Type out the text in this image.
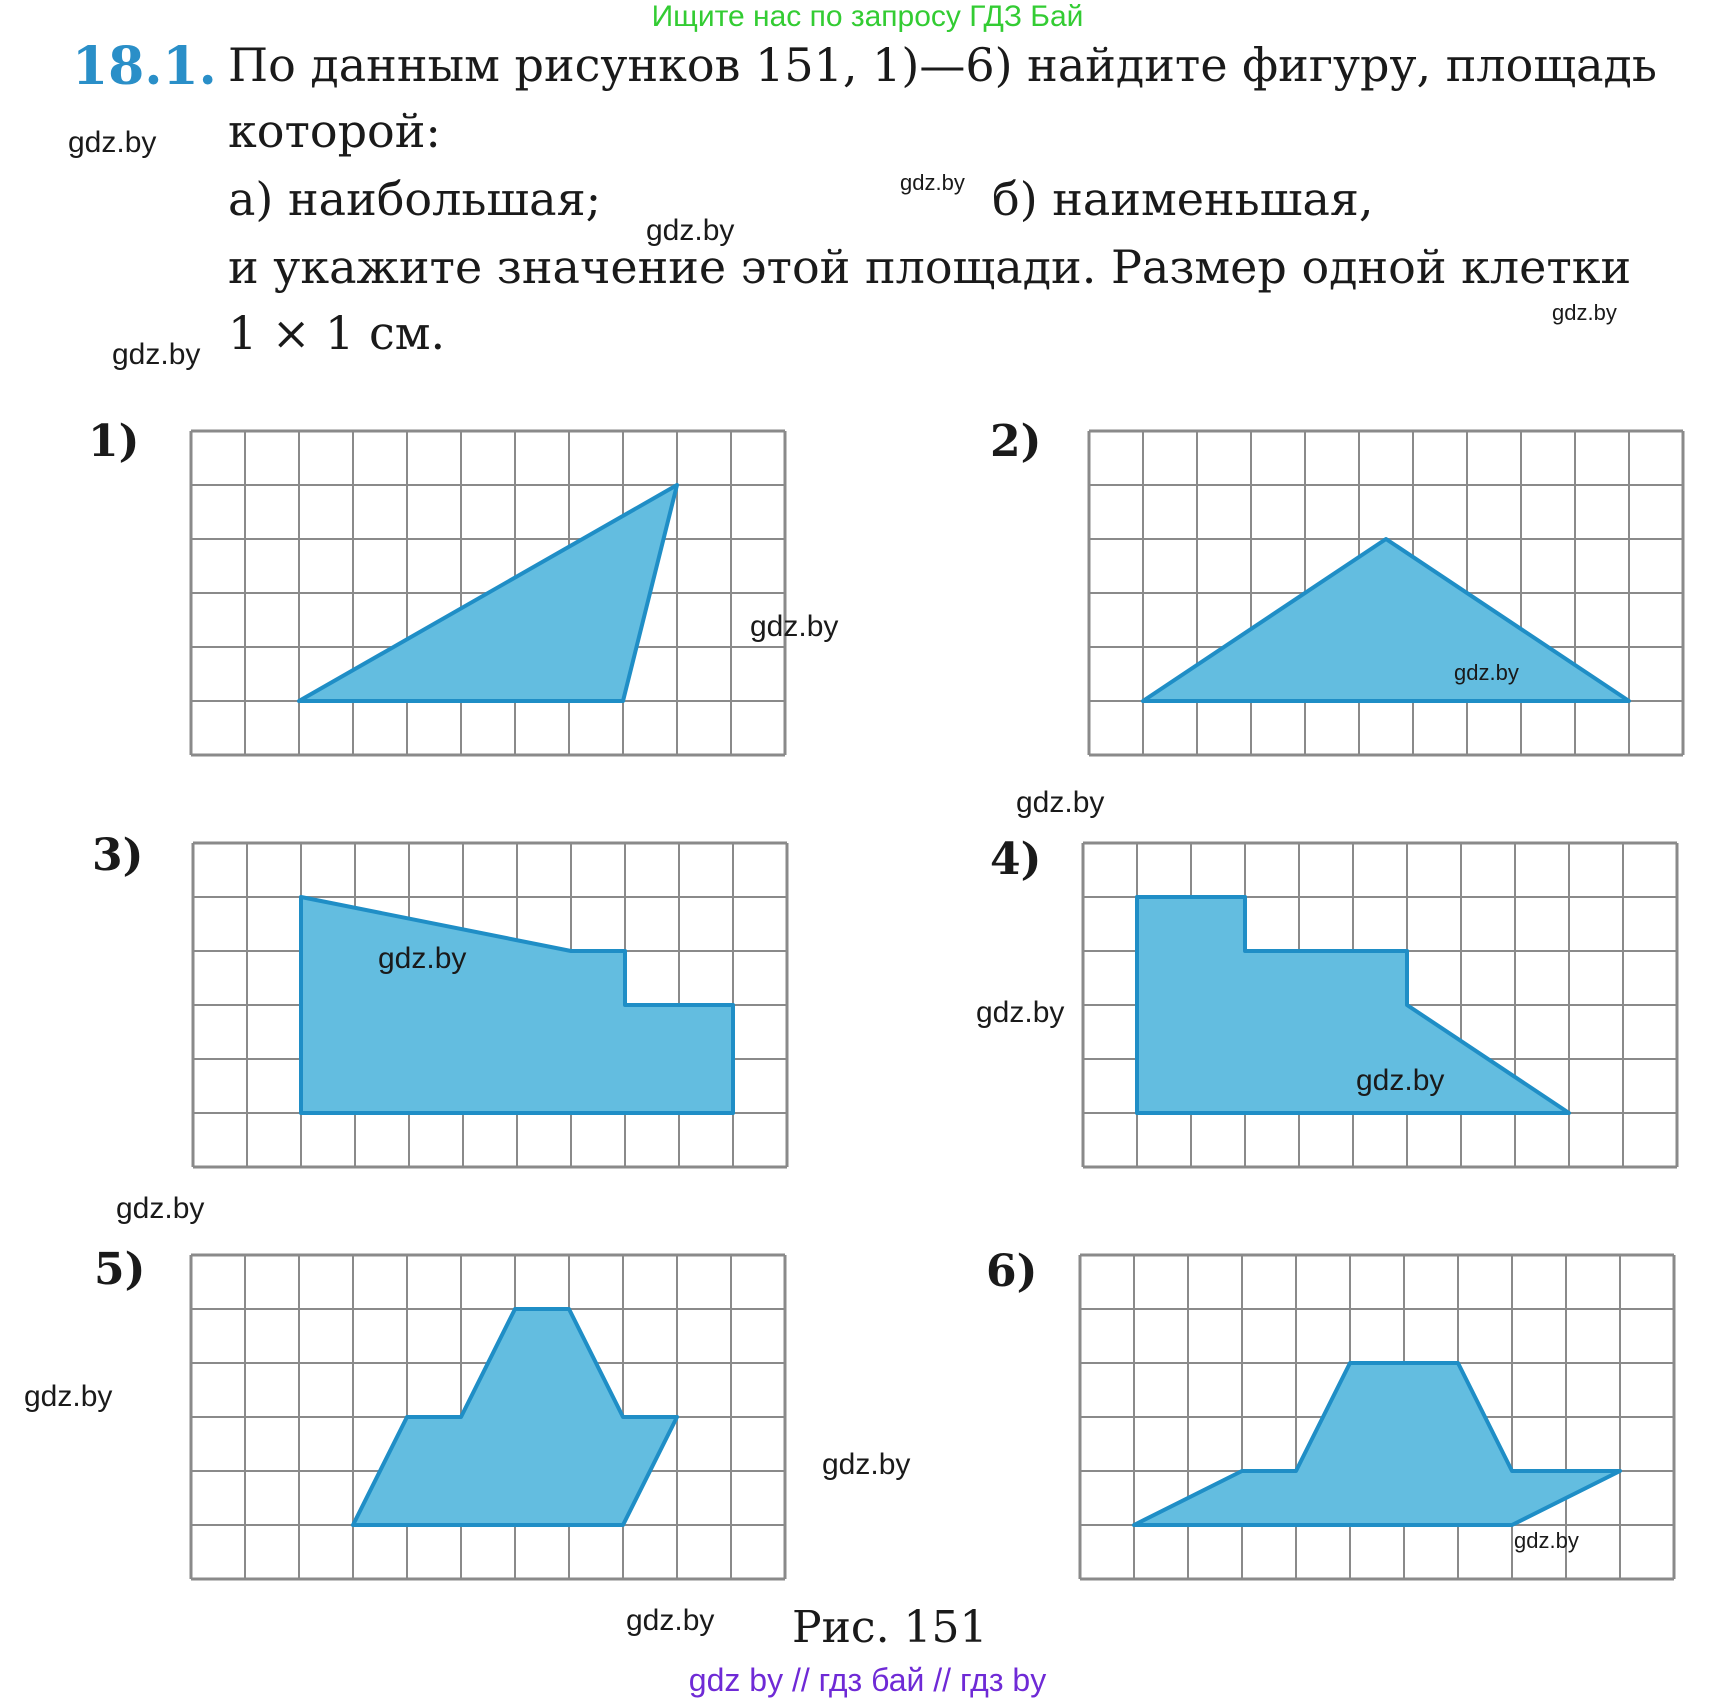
Ищите нас по запросу ГДЗ Бай
18.1. По данным рисунков 151, 1)—6) найдите фигуру, площадь
которой:
а) наибольшая;	б) наименьшая,
и укажите значение этой площади. Размер одной клетки
1 × 1 см.
1)	2)
3)	4)
5)	6)
Рис. 151
gdz.by
gdz.by
gdz.by
gdz.by
gdz.by
gdz.by
gdz.by
gdz.by
gdz.by
gdz.by
gdz.by
gdz.by
gdz.by
gdz.by
gdz.by
gdz.by
gdz by // гдз бай // гдз by
